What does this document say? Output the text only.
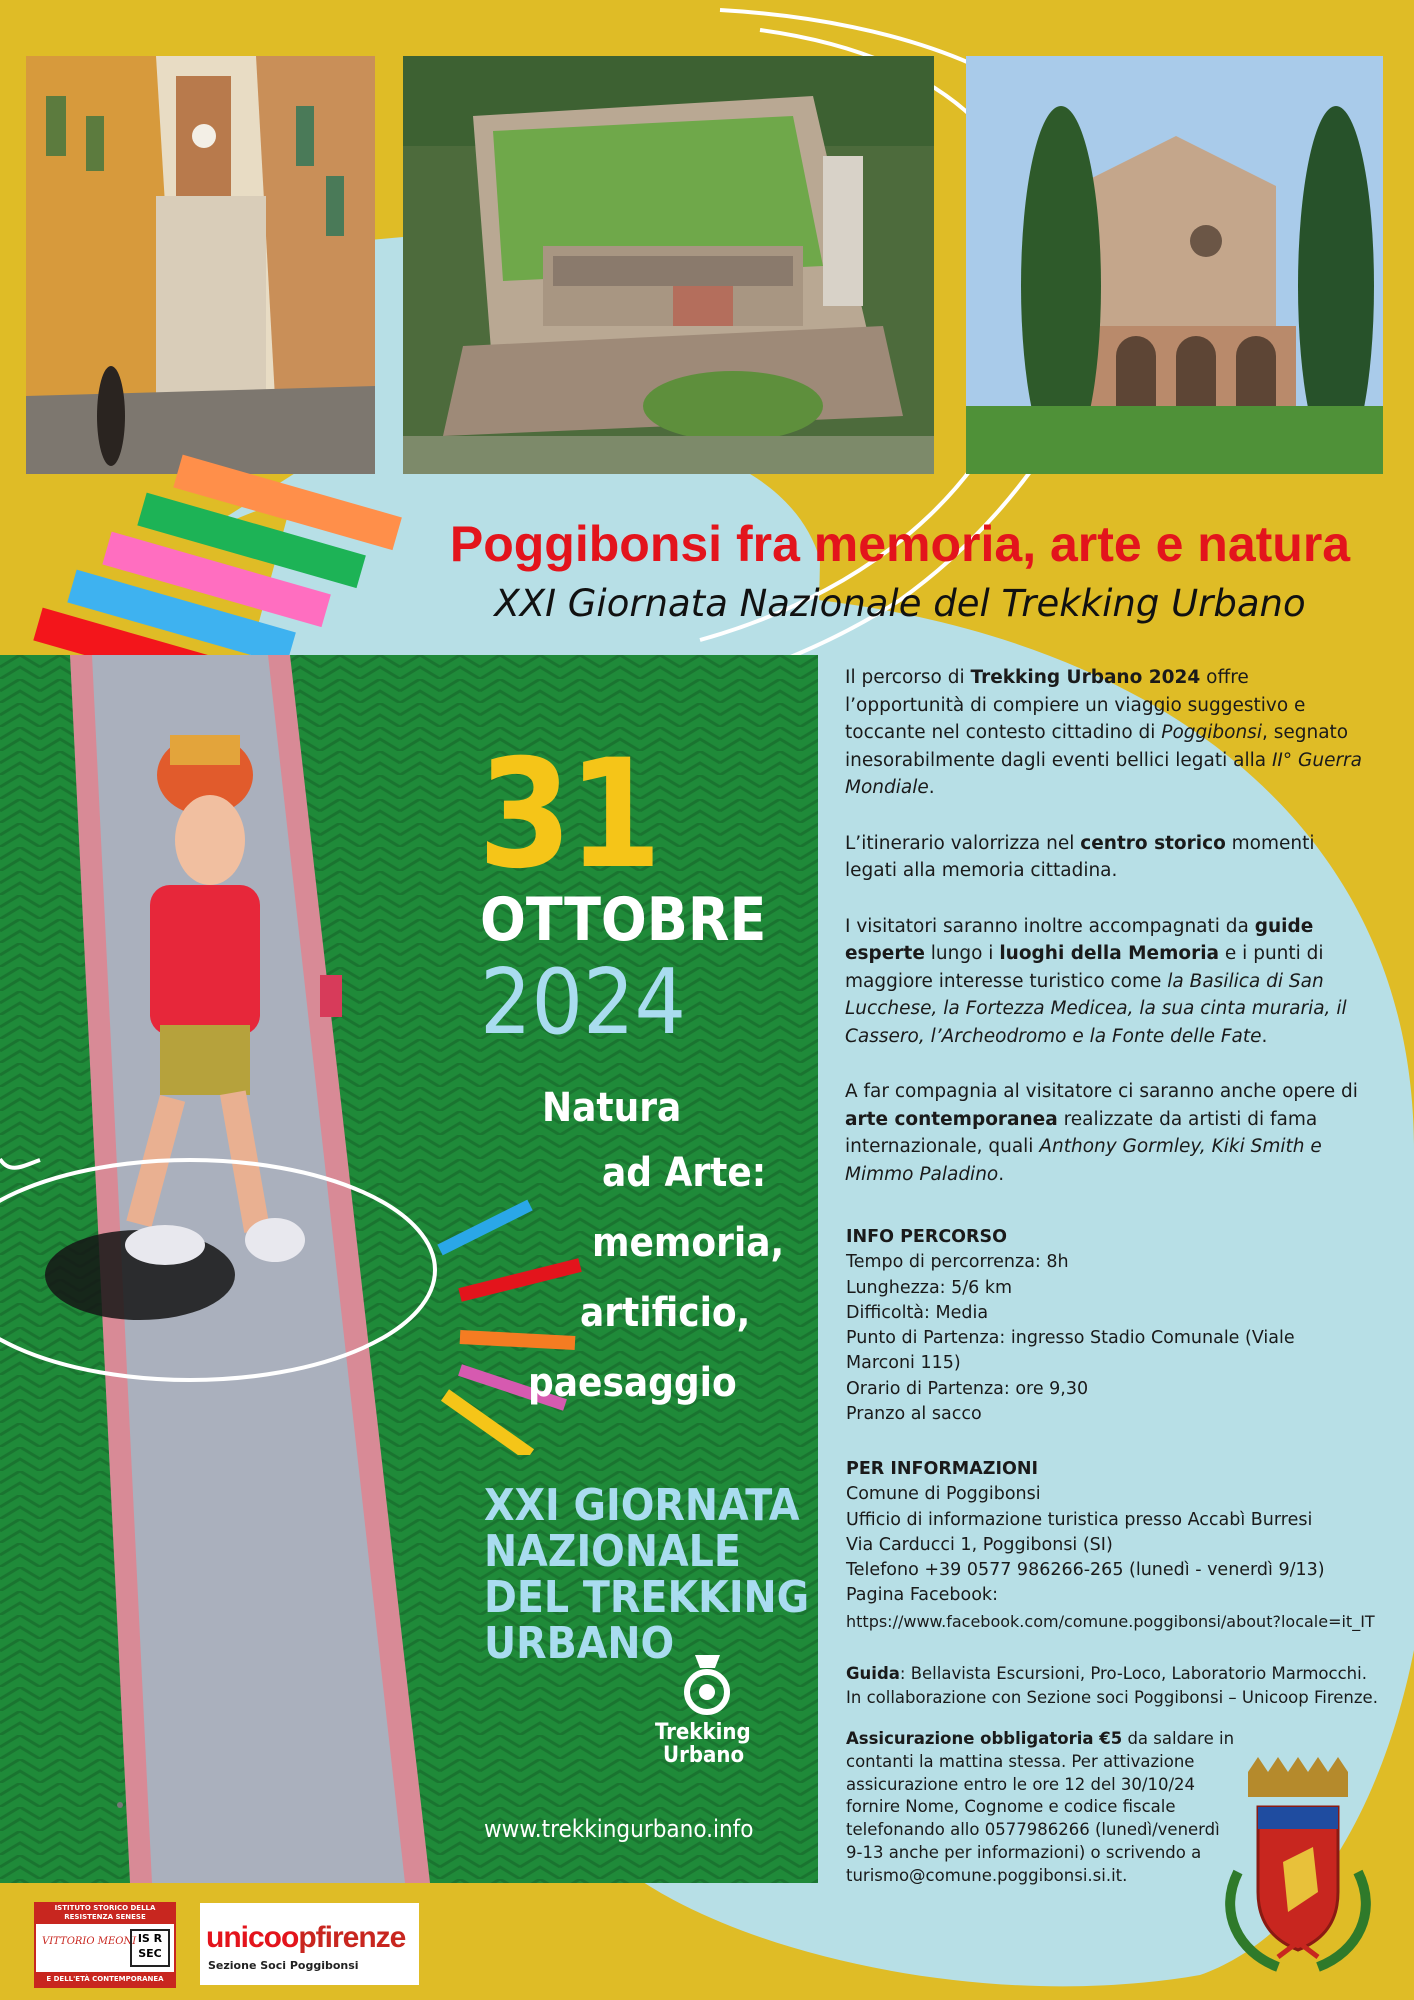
Poggibonsi fra memoria, arte e natura
XXI Giornata Nazionale del Trekking Urbano
31
OTTOBRE
2024
Natura
ad Arte:
memoria,
artificio,
paesaggio
XXI GIORNATA
NAZIONALE
DEL TREKKING
URBANO
Trekking
Urbano
www.trekkingurbano.info

Il percorso di Trekking Urbano 2024 offre l’opportunità di compiere un viaggio suggestivo e toccante nel contesto cittadino di Poggibonsi, segnato inesorabilmente dagli eventi bellici legati alla II° Guerra Mondiale.

L’itinerario valorrizza nel centro storico momenti legati alla memoria cittadina.

I visitatori saranno inoltre accompagnati da guide esperte lungo i luoghi della Memoria e i punti di maggiore interesse turistico come la Basilica di San Lucchese, la Fortezza Medicea, la sua cinta muraria, il Cassero, l’Archeodromo e la Fonte delle Fate.

A far compagnia al visitatore ci saranno anche opere di arte contemporanea realizzate da artisti di fama internazionale, quali Anthony Gormley, Kiki Smith e Mimmo Paladino.

INFO PERCORSO
Tempo di percorrenza: 8h
Lunghezza: 5/6 km
Difficoltà: Media
Punto di Partenza: ingresso Stadio Comunale (Viale
Marconi 115)
Orario di Partenza: ore 9,30
Pranzo al sacco
PER INFORMAZIONI
Comune di Poggibonsi
Ufficio di informazione turistica presso Accabì Burresi
Via Carducci 1, Poggibonsi (SI)
Telefono +39 0577 986266-265 (lunedì - venerdì 9/13)
Pagina Facebook:
https://www.facebook.com/comune.poggibonsi/about?locale=it_IT
Guida: Bellavista Escursioni, Pro-Loco, Laboratorio Marmocchi.
In collaborazione con Sezione soci Poggibonsi – Unicoop Firenze.
Assicurazione obbligatoria €5 da saldare in
contanti la mattina stessa. Per attivazione
assicurazione entro le ore 12 del 30/10/24
fornire Nome, Cognome e codice fiscale
telefonando allo 0577986266 (lunedì/venerdì
9-13 anche per informazioni) o scrivendo a
turismo@comune.poggibonsi.si.it.
ISTITUTO STORICO DELLA
RESISTENZA SENESE
VITTORIO MEONI IS R
SEC
E DELL'ETÀ CONTEMPORANEA
unicoopfirenze
Sezione Soci Poggibonsi
